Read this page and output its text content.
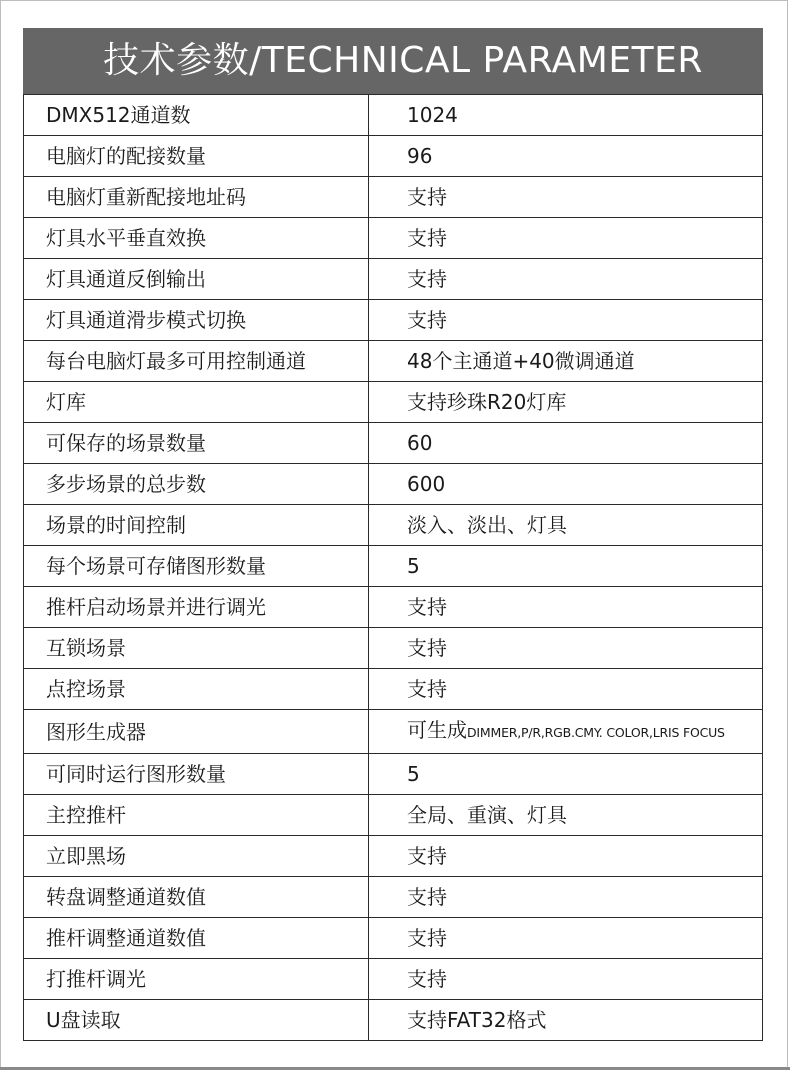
技术参数/TECHNICAL PARAMETER
DMX512通道数	1024
电脑灯的配接数量	96
电脑灯重新配接地址码	支持
灯具水平垂直效换	支持
灯具通道反倒输出	支持
灯具通道滑步模式切换	支持
每台电脑灯最多可用控制通道	48个主通道+40微调通道
灯库	支持珍珠R20灯库
可保存的场景数量	60
多步场景的总步数	600
场景的时间控制	淡入、淡出、灯具
每个场景可存储图形数量	5
推杆启动场景并进行调光	支持
互锁场景	支持
点控场景	支持
图形生成器	可生成DIMMER,P/R,RGB.CMY. COLOR,LRIS FOCUS
可同时运行图形数量	5
主控推杆	全局、重演、灯具
立即黑场	支持
转盘调整通道数值	支持
推杆调整通道数值	支持
打推杆调光	支持
U盘读取	支持FAT32格式
